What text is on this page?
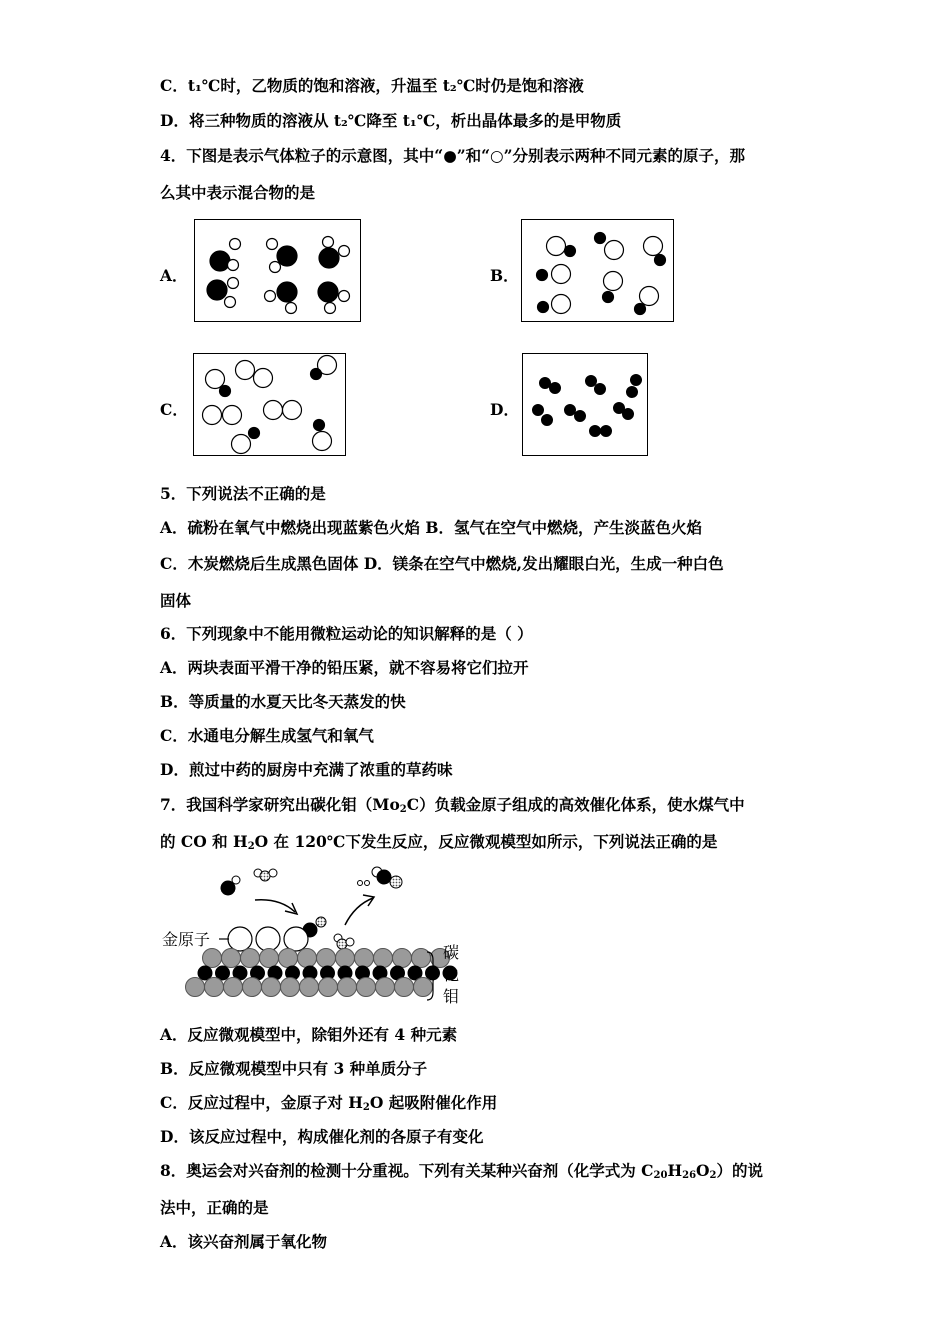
C．t₁℃时，乙物质的饱和溶液，升温至 t₂℃时仍是饱和溶液
D．将三种物质的溶液从 t₂℃降至 t₁℃，析出晶体最多的是甲物质
4．下图是表示气体粒子的示意图，其中“●”和“○”分别表示两种不同元素的原子，那
么其中表示混合物的是
A．	B．
C．	D．
5．下列说法不正确的是
A．硫粉在氧气中燃烧出现蓝紫色火焰 B．氢气在空气中燃烧，产生淡蓝色火焰
C．木炭燃烧后生成黑色固体 D．镁条在空气中燃烧,发出耀眼白光，生成一种白色
固体
6．下列现象中不能用微粒运动论的知识解释的是（ ）
A．两块表面平滑干净的铅压紧，就不容易将它们拉开
B．等质量的水夏天比冬天蒸发的快
C．水通电分解生成氢气和氧气
D．煎过中药的厨房中充满了浓重的草药味
7．我国科学家研究出碳化钼$(Mo_2C)$负载金原子组成的高效催化体系，使水煤气中
的 CO 和 $H_2O$ 在 120℃下发生反应，反应微观模型如所示，下列说法正确的是
金原子
碳
化
钼
A．反应微观模型中，除钼外还有 4 种元素
B．反应微观模型中只有 3 种单质分子
C．反应过程中，金原子对 $H_2O$ 起吸附催化作用
D．该反应过程中，构成催化剂的各原子有变化
8．奥运会对兴奋剂的检测十分重视。下列有关某种兴奋剂（化学式为 $C_{20}H_{26}O_2$）的说
法中，正确的是
A．该兴奋剂属于氧化物
